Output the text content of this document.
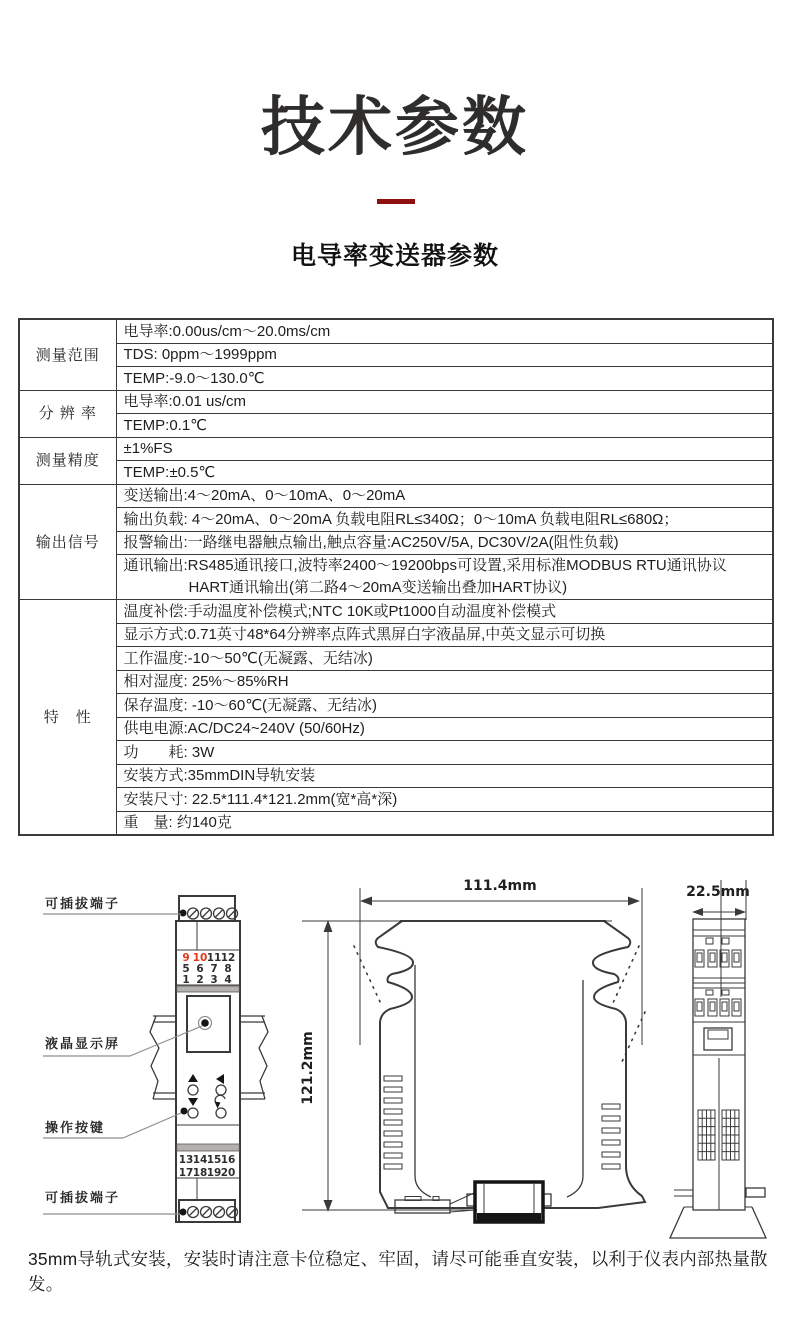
技术参数
电导率变送器参数
测量范围	电导率:0.00us/cm～20.0ms/cm
	TDS: 0ppm～1999ppm
	TEMP:-9.0～130.0℃
分 辨 率	电导率:0.01 us/cm
	TEMP:0.1℃
测量精度	±1%FS
	TEMP:±0.5℃
输出信号	变送输出:4～20mA、0～10mA、0～20mA
	输出负载: 4～20mA、0～20mA 负载电阻RL≤340Ω；0～10mA 负载电阻RL≤680Ω；
	报警输出:一路继电器触点输出,触点容量:AC250V/5A, DC30V/2A(阻性负载)

	通讯输出:RS485通讯接口,波特率2400～19200bps可设置,采用标准MODBUS RTU通讯协议
HART通讯输出(第二路4～20mA变送输出叠加HART协议)

特　性	温度补偿:手动温度补偿模式;NTC 10K或Pt1000自动温度补偿模式
	显示方式:0.71英寸48*64分辨率点阵式黑屏白字液晶屏,中英文显示可切换
	工作温度:-10～50℃(无凝露、无结冰)
	相对湿度: 25%～85%RH
	保存温度: -10～60℃(无凝露、无结冰)
	供电电源:AC/DC24~240V (50/60Hz)
	功　　耗: 3W
	安装方式:35mmDIN导轨安装
	安装尺寸: 22.5*111.4*121.2mm(宽*高*深)
	重　量: 约140克
9 10 11 12
5 6 7 8
1 2 3 4
13 14 15 16
17 18 19 20
可插拔端子
液晶显示屏
操作按键
可插拔端子
111.4mm
121.2mm
22.5mm
35mm导轨式安装，安装时请注意卡位稳定、牢固，请尽可能垂直安装，以利于仪表内部热量散发。
